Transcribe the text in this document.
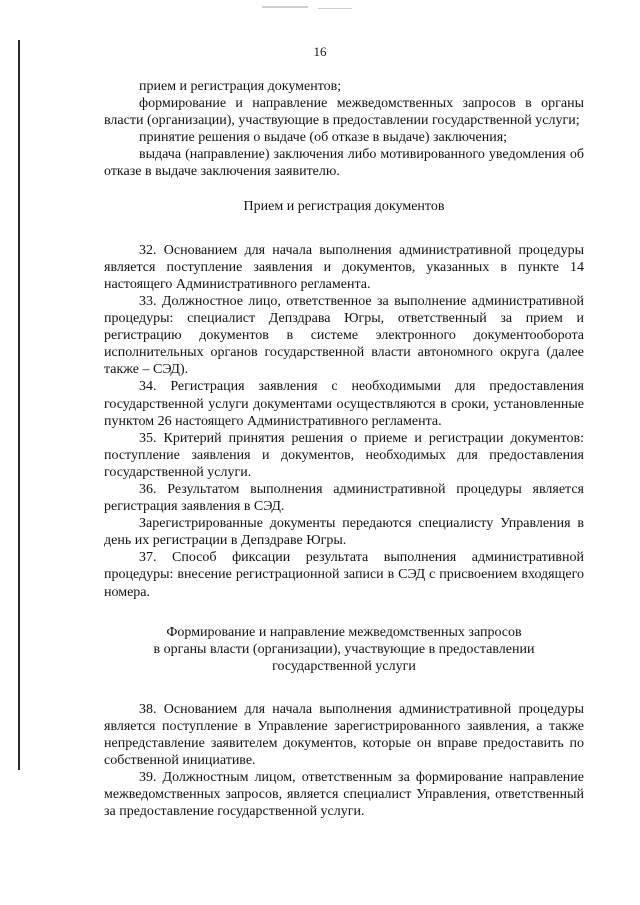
16

прием и регистрация документов;

формирование и направление межведомственных запросов в органы власти (организации), участвующие в предоставлении государственной услуги;

принятие решения о выдаче (об отказе в выдаче) заключения;

выдача (направление) заключения либо мотивированного уведомления об отказе в выдаче заключения заявителю.

Прием и регистрация документов

32. Основанием для начала выполнения административной процедуры является поступление заявления и документов, указанных в пункте 14 настоящего Административного регламента.

33. Должностное лицо, ответственное за выполнение административной процедуры: специалист Депздрава Югры, ответственный за прием и регистрацию документов в системе электронного документооборота исполнительных органов государственной власти автономного округа (далее также – СЭД).

34. Регистрация заявления с необходимыми для предоставления государственной услуги документами осуществляются в сроки, установленные пунктом 26 настоящего Административного регламента.

35. Критерий принятия решения о приеме и регистрации документов: поступление заявления и документов, необходимых для предоставления государственной услуги.

36. Результатом выполнения административной процедуры является регистрация заявления в СЭД.

Зарегистрированные документы передаются специалисту Управления в день их регистрации в Депздраве Югры.

37. Способ фиксации результата выполнения административной процедуры: внесение регистрационной записи в СЭД с присвоением входящего номера.

Формирование и направление межведомственных запросов

в органы власти (организации), участвующие в предоставлении

государственной услуги

38. Основанием для начала выполнения административной процедуры является поступление в Управление зарегистрированного заявления, а также непредставление заявителем документов, которые он вправе предоставить по собственной инициативе.

39. Должностным лицом, ответственным за формирование направление межведомственных запросов, является специалист Управления, ответственный за предоставление государственной услуги.
